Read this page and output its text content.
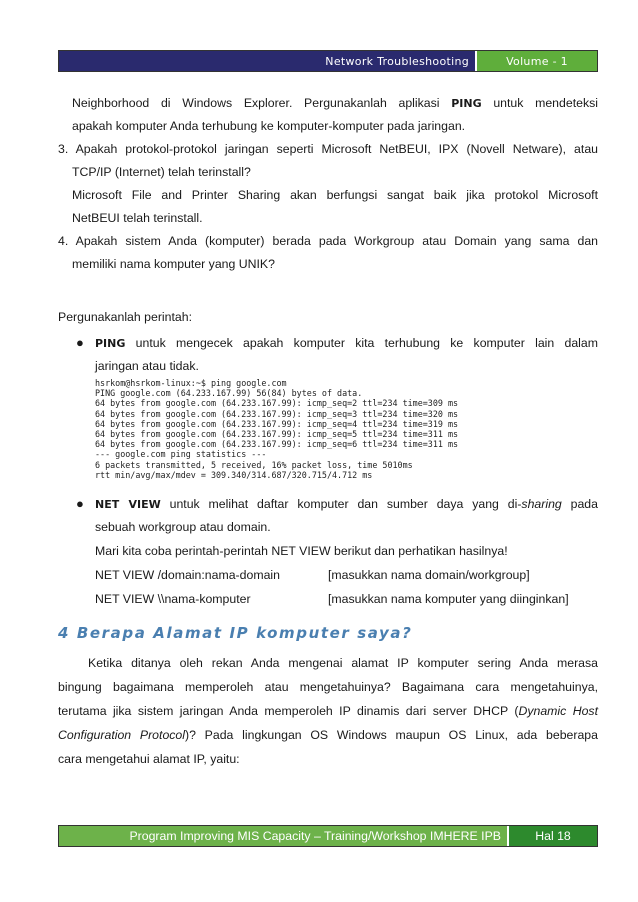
Network Troubleshooting	Volume - 1
Neighborhood di Windows Explorer. Pergunakanlah aplikasi PING untuk mendeteksi
apakah komputer Anda terhubung ke komputer-komputer pada jaringan.
3. Apakah protokol-protokol jaringan seperti Microsoft NetBEUI, IPX (Novell Netware), atau
TCP/IP (Internet) telah terinstall?
Microsoft File and Printer Sharing akan berfungsi sangat baik jika protokol Microsoft
NetBEUI telah terinstall.
4. Apakah sistem Anda (komputer) berada pada Workgroup atau Domain yang sama dan
memiliki nama komputer yang UNIK?
Pergunakanlah perintah:
● PING untuk mengecek apakah komputer kita terhubung ke komputer lain dalam
jaringan atau tidak.
hsrkom@hsrkom-linux:~$ ping google.com
PING google.com (64.233.167.99) 56(84) bytes of data.
64 bytes from google.com (64.233.167.99): icmp_seq=2 ttl=234 time=309 ms
64 bytes from google.com (64.233.167.99): icmp_seq=3 ttl=234 time=320 ms
64 bytes from google.com (64.233.167.99): icmp_seq=4 ttl=234 time=319 ms
64 bytes from google.com (64.233.167.99): icmp_seq=5 ttl=234 time=311 ms
64 bytes from google.com (64.233.167.99): icmp_seq=6 ttl=234 time=311 ms
--- google.com ping statistics ---
6 packets transmitted, 5 received, 16% packet loss, time 5010ms
rtt min/avg/max/mdev = 309.340/314.687/320.715/4.712 ms
● NET VIEW untuk melihat daftar komputer dan sumber daya yang di-sharing pada
sebuah workgroup atau domain.
Mari kita coba perintah-perintah NET VIEW berikut dan perhatikan hasilnya!
NET VIEW /domain:nama-domain	[masukkan nama domain/workgroup]
NET VIEW \\nama-komputer	[masukkan nama komputer yang diinginkan]
4 Berapa Alamat IP komputer saya?
Ketika ditanya oleh rekan Anda mengenai alamat IP komputer sering Anda merasa
bingung bagaimana memperoleh atau mengetahuinya? Bagaimana cara mengetahuinya,
terutama jika sistem jaringan Anda memperoleh IP dinamis dari server DHCP (Dynamic Host
Configuration Protocol)? Pada lingkungan OS Windows maupun OS Linux, ada beberapa
cara mengetahui alamat IP, yaitu:
Program Improving MIS Capacity – Training/Workshop IMHERE IPB	Hal 18
